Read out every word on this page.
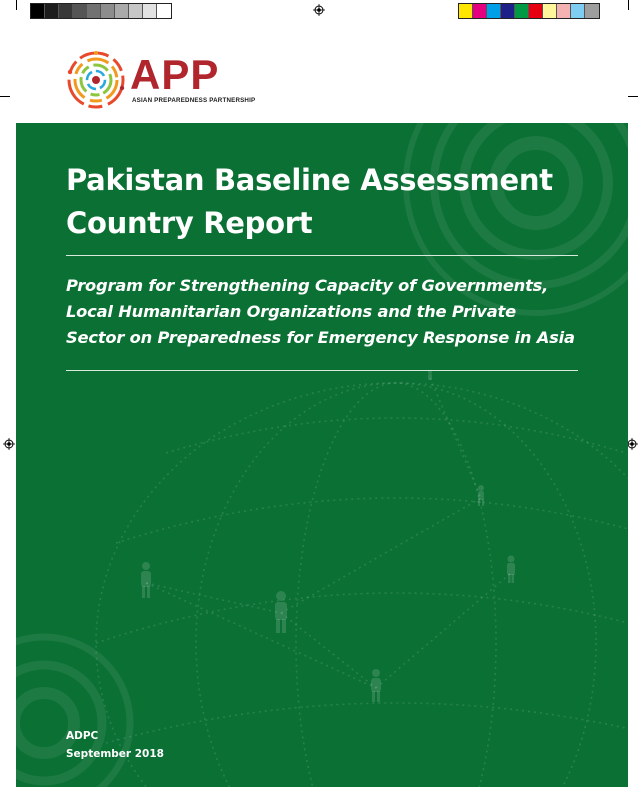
APP
ASIAN PREPAREDNESS PARTNERSHIP
Pakistan Baseline Assessment
Country Report

Program for Strengthening Capacity of Governments,
Local Humanitarian Organizations and the Private
Sector on Preparedness for Emergency Response in Asia

ADPC
September 2018
